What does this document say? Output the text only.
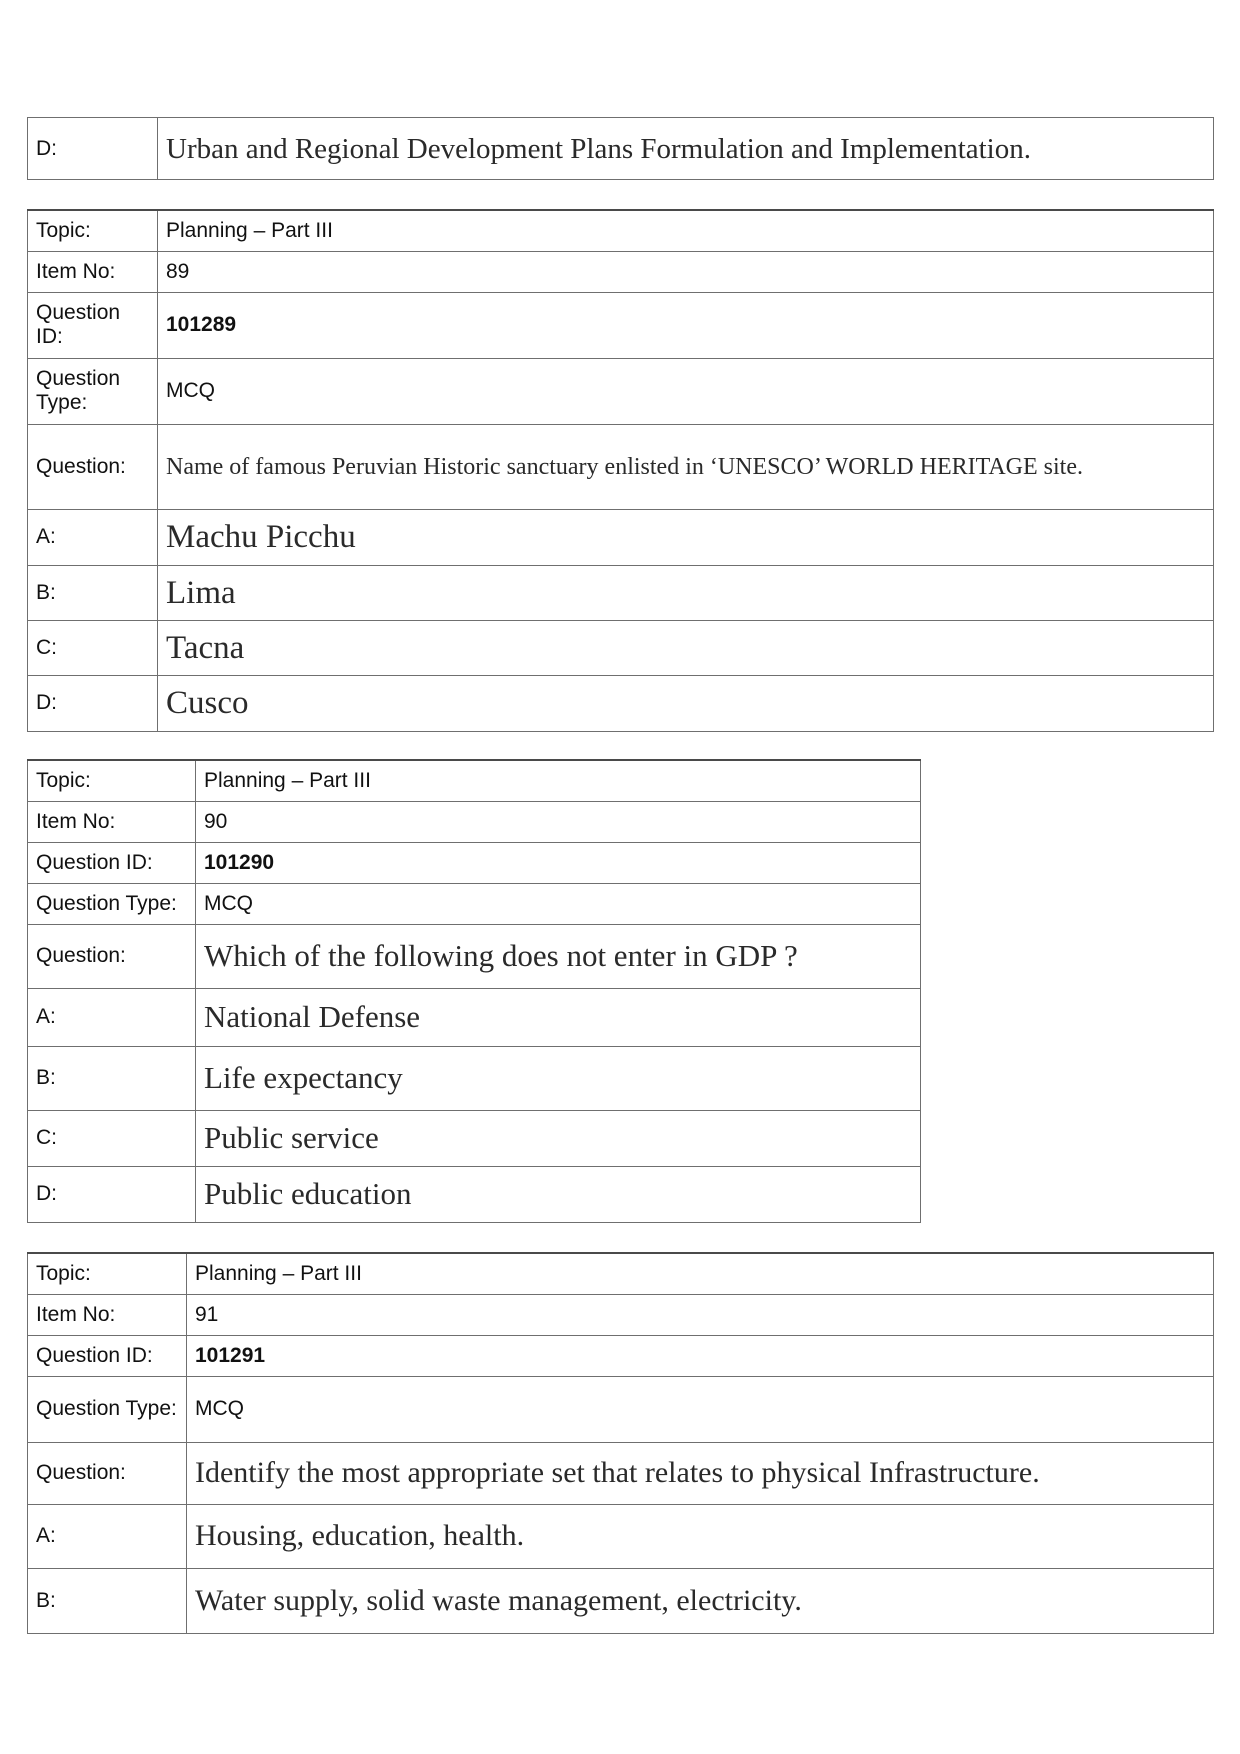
D:	Urban and Regional Development Plans Formulation and Implementation.
Topic:	Planning – Part III
Item No:	89
Question ID:	101289
Question Type:	MCQ
Question:	Name of famous Peruvian Historic sanctuary enlisted in ‘UNESCO’ WORLD HERITAGE site.
A:	Machu Picchu
B:	Lima
C:	Tacna
D:	Cusco
Topic:	Planning – Part III
Item No:	90
Question ID:	101290
Question Type:	MCQ
Question:	Which of the following does not enter in GDP ?
A:	National Defense
B:	Life expectancy
C:	Public service
D:	Public education
Topic:	Planning – Part III
Item No:	91
Question ID:	101291
Question Type:	MCQ
Question:	Identify the most appropriate set that relates to physical Infrastructure.
A:	Housing, education, health.
B:	Water supply, solid waste management, electricity.
